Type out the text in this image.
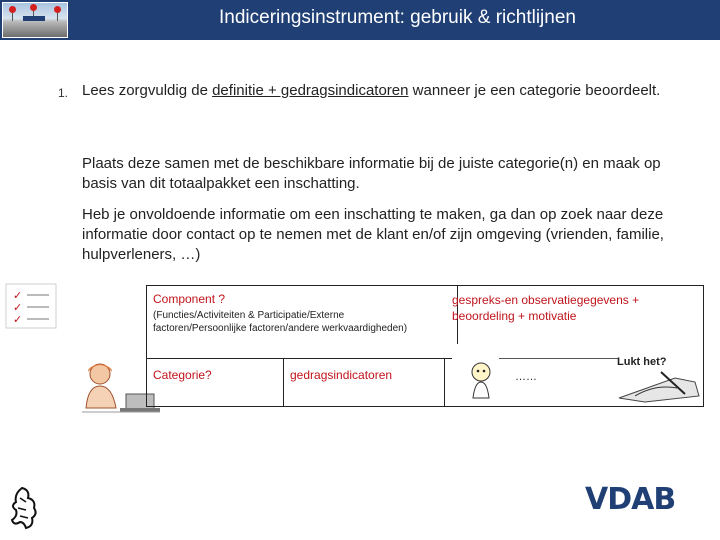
Indiceringsinstrument: gebruik & richtlijnen
1. Lees zorgvuldig de definitie + gedragsindicatoren wanneer je een categorie beoordeelt.
Plaats deze samen met de beschikbare informatie bij de juiste categorie(n) en maak op basis van dit totaalpakket een inschatting.
Heb je onvoldoende informatie om een inschatting te maken, ga dan op zoek naar deze informatie door contact op te nemen met de klant en/of zijn omgeving (vrienden, familie, hulpverleners, …)
✓
✓
✓
Component ?
(Functies/Activiteiten & Participatie/Externe factoren/Persoonlijke factoren/andere werkvaardigheden)
gespreks-en observatiegegevens + beoordeling + motivatie
Categorie?	gedragsindicatoren	……
Lukt het?
VDAB
